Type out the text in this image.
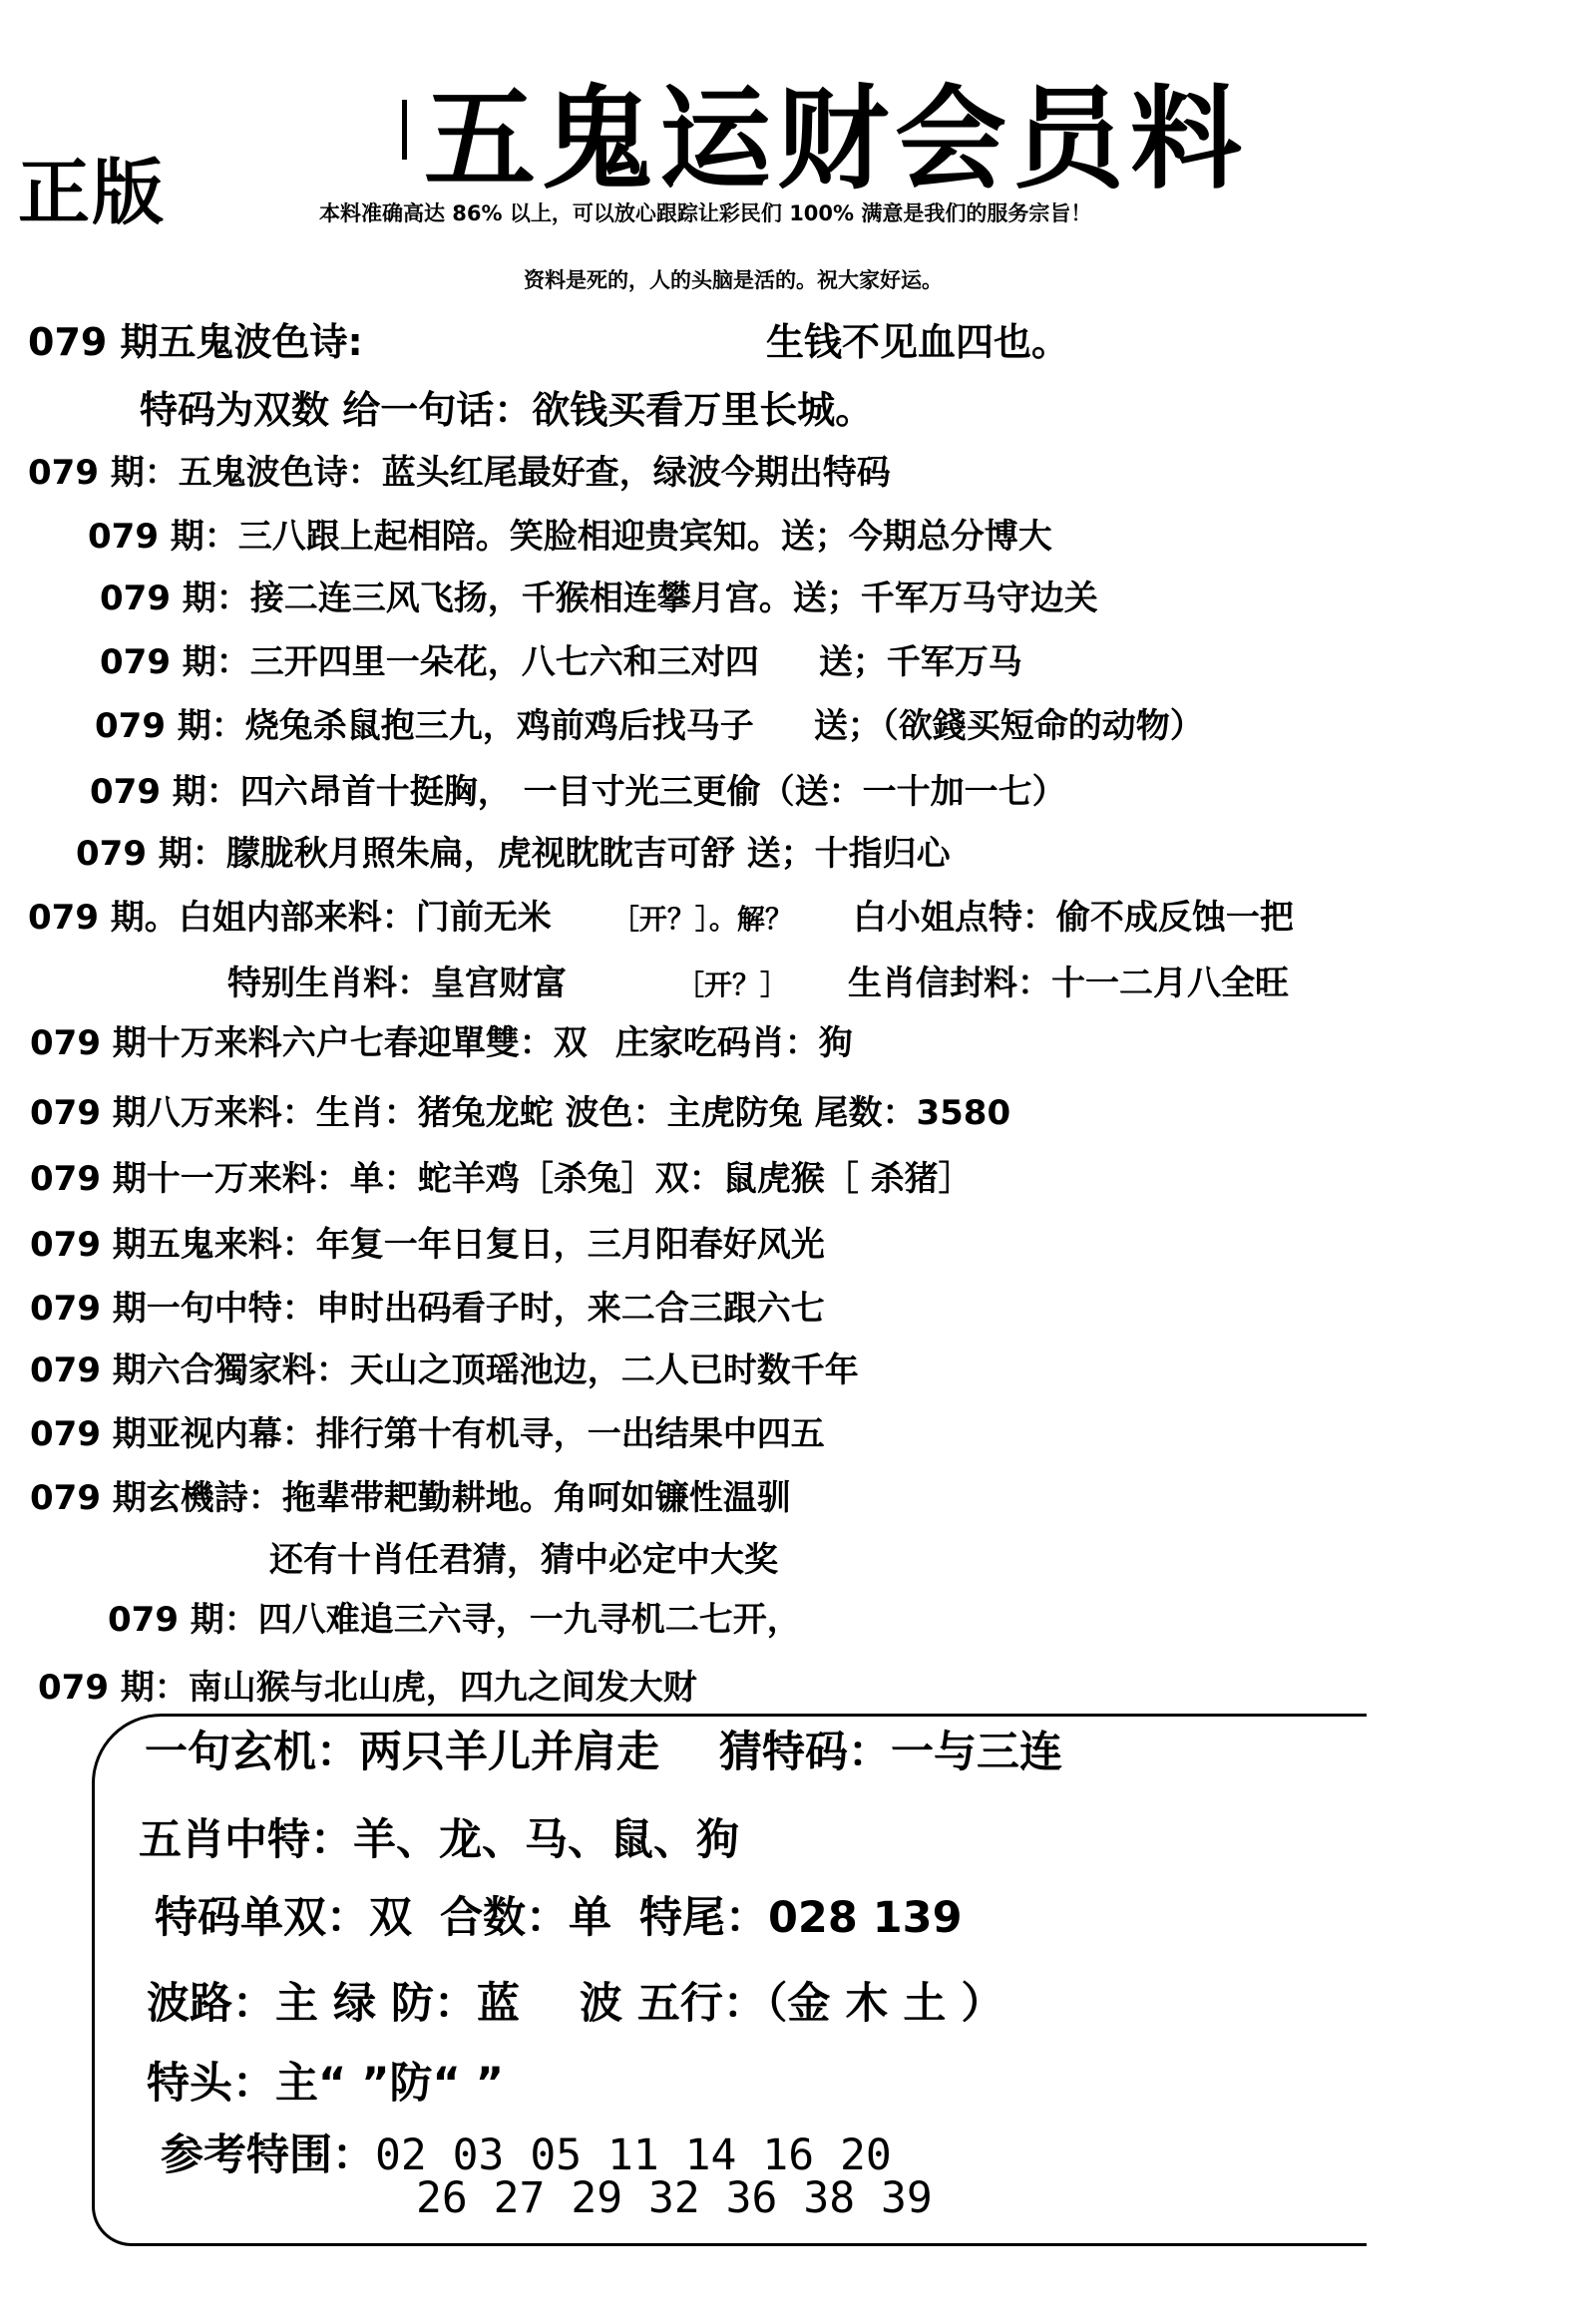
正版 五鬼运财会员料
本料准确高达 86% 以上，可以放心跟踪让彩民们 100% 满意是我们的服务宗旨！
资料是死的，人的头脑是活的。祝大家好运。
079 期五鬼波色诗:	生钱不见血四也。
特码为双数 给一句话：欲钱买看万里长城。
079 期：五鬼波色诗：蓝头红尾最好查，绿波今期出特码
079 期：三八跟上起相陪。笑脸相迎贵宾知。送；今期总分博大
079 期：接二连三风飞扬，千猴相连攀月宫。送；千军万马守边关
079 期：三开四里一朵花，八七六和三对四 送；千军万马
079 期：烧兔杀鼠抱三九，鸡前鸡后找马子 送；（欲錢买短命的动物）
079 期：四六昂首十挺胸， 一目寸光三更偷（送：一十加一七）
079 期：朦胧秋月照朱扁，虎视眈眈吉可舒 送；十指归心
079 期。白姐内部来料：门前无米 ［开？］。解？ 白小姐点特：偷不成反蚀一把
特别生肖料：皇宫财富	［开？］ 生肖信封料：十一二月八全旺
079 期十万来料六户七春迎單雙：双 庄家吃码肖：狗
079 期八万来料：生肖：猪兔龙蛇 波色：主虎防兔 尾数：3580
079 期十一万来料：单：蛇羊鸡［杀兔］双：鼠虎猴［ 杀猪］
079 期五鬼来料：年复一年日复日，三月阳春好风光
079 期一句中特：申时出码看子时，来二合三跟六七
079 期六合獨家料：天山之顶瑶池边，二人已时数千年
079 期亚视内幕：排行第十有机寻，一出结果中四五
079 期玄機詩：拖辈带耙勤耕地。角呵如镰性温驯
还有十肖任君猜，猜中必定中大奖
079 期：四八难追三六寻，一九寻机二七开，
079 期：南山猴与北山虎，四九之间发大财
一句玄机：两只羊儿并肩走 猜特码：一与三连
五肖中特：羊、龙、马、鼠、狗
特码单双：双 合数：单 特尾：028 139
波路：主 绿 防：蓝 波 五行：（金 木 土 ）
特头：主“ ”防“ ”
参考特围：02 03 05 11 14 16 20
26 27 29 32 36 38 39
